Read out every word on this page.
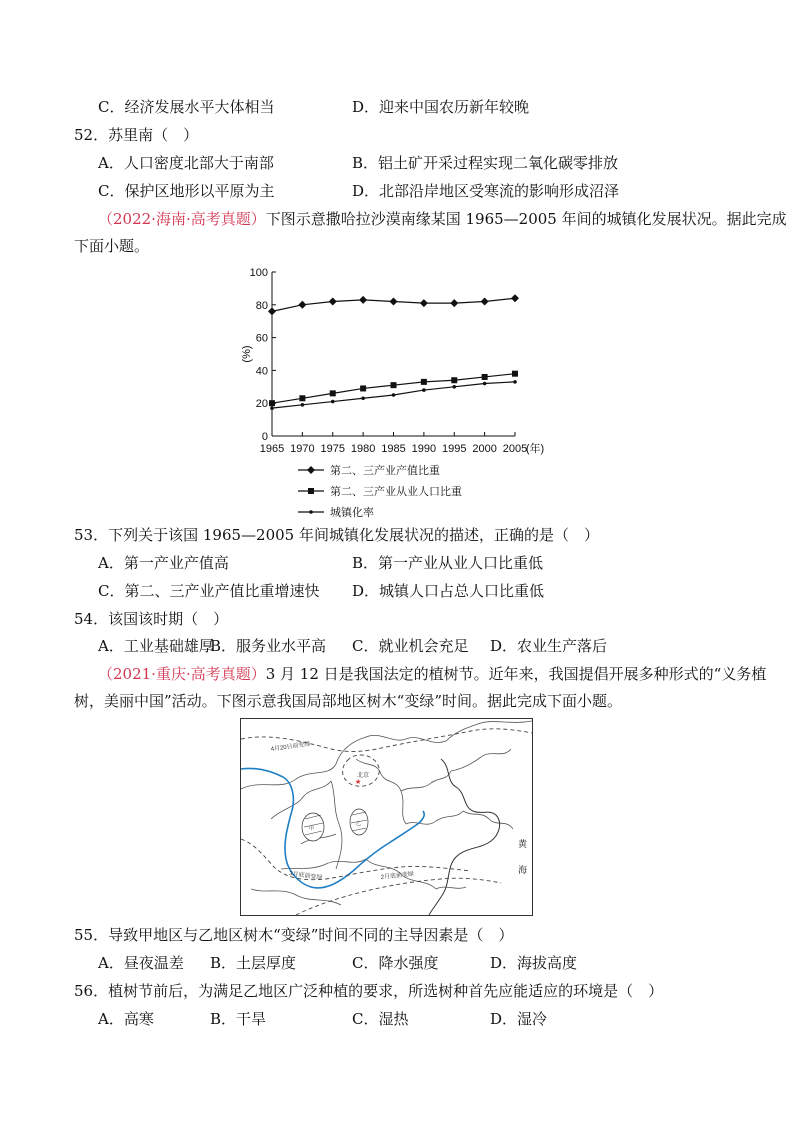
C．经济发展水平大体相当	D．迎来中国农历新年较晚
52．苏里南（　）
A．人口密度北部大于南部	B．铝土矿开采过程实现二氧化碳零排放
C．保护区地形以平原为主	D．北部沿岸地区受寒流的影响形成沼泽
（2022·海南·高考真题）下图示意撒哈拉沙漠南缘某国 1965—2005 年间的城镇化发展状况。据此完成
下面小题。
0
20
40
60
80
100
1965 1970 1975 1980 1985 1990 1995 2000 2005
(年)
(%)
第二、三产业产值比重
第二、三产业从业人口比重
城镇化率
53．下列关于该国 1965—2005 年间城镇化发展状况的描述，正确的是（　）
A．第一产业产值高	B．第一产业从业人口比重低
C．第二、三产业产值比重增速快 D．城镇人口占总人口比重低
54．该国该时期（　）
A．工业基础雄厚
B．服务业水平高 C．就业机会充足 D．农业生产落后
（2021·重庆·高考真题）3 月 12 日是我国法定的植树节。近年来，我国提倡开展多种形式的“义务植
树，美丽中国”活动。下图示意我国局部地区树木“变绿”时间。据此完成下面小题。
4月20日前变绿
3月底前变绿	2月底前变绿
北京
★
甲
乙
黄
海
55．导致甲地区与乙地区树木“变绿”时间不同的主导因素是（　）
A．昼夜温差 B．土层厚度	C．降水强度	D．海拔高度
56．植树节前后，为满足乙地区广泛种植的要求，所选树种首先应能适应的环境是（　）
A．高寒	B．干旱	C．湿热	D．湿冷
